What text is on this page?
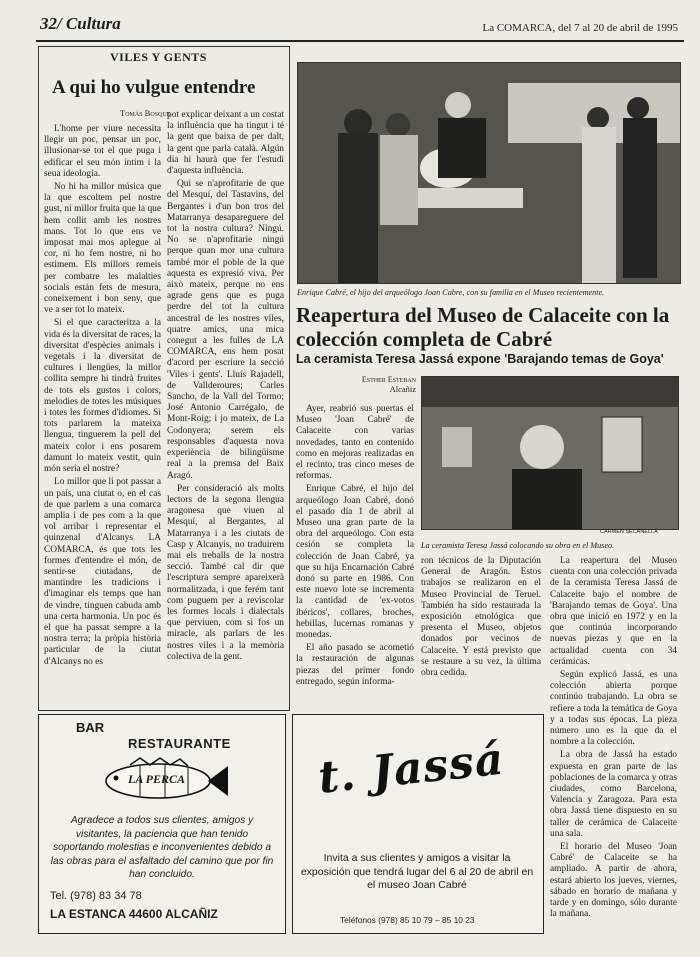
32/ Cultura	La COMARCA, del 7 al 20 de abril de 1995
VILES Y GENTS
A qui ho vulgue entendre
Tomás Bosque

L'home per viure necessita llegir un poc, pensar un poc, illusionar-se tot el que puga i edificar el seu món íntim i la seua ideologia.

No hi ha millor música que la que escoltem pel nostre gust, ni millor fruita que la que hem collit amb les nostres mans. Tot lo que ens ve imposat mai mos aplegue al cor, ni ho fem nostre, ni ho estimem. Els millors remeis per combatre les malalties socials están fets de mesura, coneixement i bon seny, que ve a ser tot lo mateix.

Si el que caracteritza a la vida és la diversitat de races, la diversitat d'espècies animals i vegetals i la diversitat de cultures i llengües, la millor collita sempre hi tindrà fruites de tots els gustos i colors, melodies de totes les músiques i totes les formes d'idiomes. Si tots parlarem la mateixa llengua, tinguerem la pell del mateix color i ens posarem damunt lo mateix vestit, quin món seria el nostre?

Lo millor que li pot passar a un país, una ciutat o, en el cas de que parlem a una comarca amplia i de pes com a la que vol arribar i representar el quinzenal d'Alcanys LA COMARCA, és que tots les formes d'entendre el món, de sentir-se ciutadans, de mantindre les tradicions i d'imaginar els temps que han de vindre, tinguen cabuda amb una certa harmonia. Un poc és el que ha passat sempre a la nostra terra; la pròpia història particular de la ciutat d'Alcanys no es

pot explicar deixant a un costat la influència que ha tingut i té la gent que baixa de per dalt, la gent que parla català. Algún dia hi haurà que fer l'estudi d'aquesta influència.

Qui se n'aprofitarie de que del Mesquí, del Tastavins, del Bergantes i d'un bon tros del Matarranya desapareguere del tot la nostra cultura? Ningú. No se n'aprofitarie ningú perque quan mor una cultura també mor el poble de la que aquesta es expresió viva. Per això mateix, perque no ens agrade gens que es puga perdre del tot la cultura ancestral de les nostres viles, quatre amics, una mica conegut a les fulles de LA COMARCA, ens hem posat d'acord per escriure la secció 'Viles i gents'. Lluís Rajadell, de Vallderoures; Carles Sancho, de la Vall del Tormo; José Antonio Carrégalo, de Mont-Roig; i jo mateix, de La Codonyera; serem els responsables d'aquesta nova experiència de bilingüisme real a la premsa del Baix Aragó.

Per consideració als molts lectors de la segona llengua aragonesa que viuen al Mesquí, al Bergantes, al Matarranya i a les ciutats de Casp y Alcanyis, no traduirem mai els treballs de la nostra secció. També cal dir que l'escriptura sempre apareixerà normalitzada, i que ferém tant com puguem per a reviscolar les formes locals i dialectals que perviuen, com si fos un miracle, als parlars de les nostres viles i a la memòria colectiva de la gent.

Enrique Cabré, el hijo del arqueólogo Joan Cabre, con su familia en el Museo recientemente.
Reapertura del Museo de Calaceite con la colección completa de Cabré
La ceramista Teresa Jassá expone 'Barajando temas de Goya'
Esther Esteban
Alcañiz
CARMEN SECANELLA
La ceramista Teresa Jassá colocando su obra en el Museo.

Ayer, reabrió sus puertas el Museo 'Joan Cabré' de Calaceite con varias novedades, tanto en contenido como en mejoras realizadas en el recinto, tras cinco meses de reformas.

Enrique Cabré, el hijo del arqueólogo Joan Cabré, donó el pasado día 1 de abril al Museo una gran parte de la obra del arqueólogo. Con esta cesión se completa la colección de Joan Cabré, ya que su hija Encarnación Cabré donó su parte en 1986. Con este nuevo lote se incrementa la cantidad de 'ex-votos ibéricos', collares, broches, hebillas, lucernas romanas y monedas.

El año pasado se acometió la restauración de algunas piezas del primer fondo entregado, según informa-

ron técnicos de la Diputación General de Aragón. Estos trabajos se realizaron en el Museo Provincial de Teruel. También ha sido restaurada la exposición etnológica que presenta el Museo, objetos donados por vecinos de Calaceite. Y está previsto que se restaure a su vez, la última obra cedida.

La reapertura del Museo cuenta con una colección privada de la ceramista Teresa Jassá de Calaceite bajo el nombre de 'Barajando temas de Goya'. Una obra que inició en 1972 y en la que continúa incorporando nuevas piezas y que en la actualidad cuenta con 34 cerámicas.

Según explicó Jassá, es una colección abierta porque continúo trabajando. La obra se refiere a toda la temática de Goya y a todas sus épocas. La pieza número uno es la que da el nombre a la colección.

La obra de Jassá ha estado expuesta en gran parte de las poblaciones de la comarca y otras ciudades, como Barcelona, Valencia y Zaragoza. Para esta obra Jassá tiene dispuesto en su taller de cerámica de Calaceite una sala.

El horario del Museo 'Joan Cabré' de Calaceite se ha ampliado. A partir de ahora, estará abierto los jueves, viernes, sábado en horario de mañana y tarde y en domingo, sólo durante la mañana.

BAR
RESTAURANTE
LA PERCA
Agradece a todos sus clientes, amigos y visitantes, la paciencia que han tenido soportando molestias e inconvenientes debido a las obras para el asfaltado del camino que por fin han concluido.
Tel. (978) 83 34 78
LA ESTANCA 44600 ALCAÑIZ
t. Jassá
Invita a sus clientes y amigos a visitar la exposición que tendrá lugar del 6 al 20 de abril en el museo Joan Cabré
Teléfonos (978) 85 10 79 – 85 10 23
